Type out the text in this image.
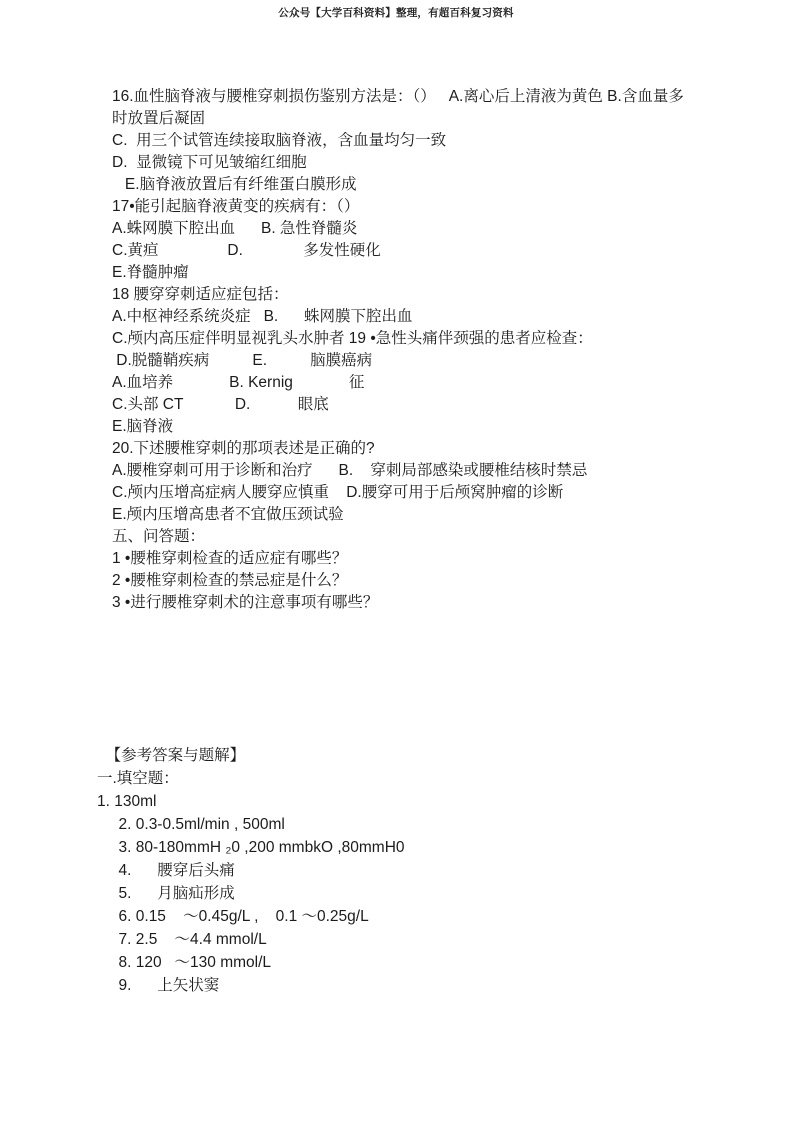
公众号【大学百科资料】整理，有超百科复习资料
16.血性脑脊液与腰椎穿刺损伤鉴别方法是：（）   A.离心后上清液为黄色 B.含血量多
时放置后凝固
C.  用三个试管连续接取脑脊液，含血量均匀一致
D.  显微镜下可见皱缩红细胞
E.脑脊液放置后有纤维蛋白膜形成
17•能引起脑脊液黄变的疾病有：（）
A.蛛网膜下腔出血      B. 急性脊髓炎
C.黄疸                D.              多发性硬化
E.脊髓肿瘤
18 腰穿穿刺适应症包括：
A.中枢神经系统炎症   B.      蛛网膜下腔出血
C.颅内高压症伴明显视乳头水肿者 19 •急性头痛伴颈强的患者应检查：
D.脱髓鞘疾病          E.          脑膜癌病
A.血培养             B. Kernig             征
C.头部 CT            D.           眼底
E.脑脊液
20.下述腰椎穿刺的那项表述是正确的?
A.腰椎穿刺可用于诊断和治疗      B.    穿刺局部感染或腰椎结核时禁忌
C.颅内压增高症病人腰穿应慎重    D.腰穿可用于后颅窝肿瘤的诊断
E.颅内压增高患者不宜做压颈试验
五、问答题：
1 •腰椎穿刺检查的适应症有哪些？
2 •腰椎穿刺检查的禁忌症是什么？
3 •进行腰椎穿刺术的注意事项有哪些？
【参考答案与题解】
一.填空题：
1. 130ml
2. 0.3-0.5ml/min , 500ml
3. 80-180mmH ₂0 ,200 mmbkO ,80mmH0
4.      腰穿后头痛
5.      月脑疝形成
6. 0.15    〜0.45g/L ,    0.1 〜0.25g/L
7. 2.5    〜4.4 mmol/L
8. 120   〜130 mmol/L
9.      上矢状窦
